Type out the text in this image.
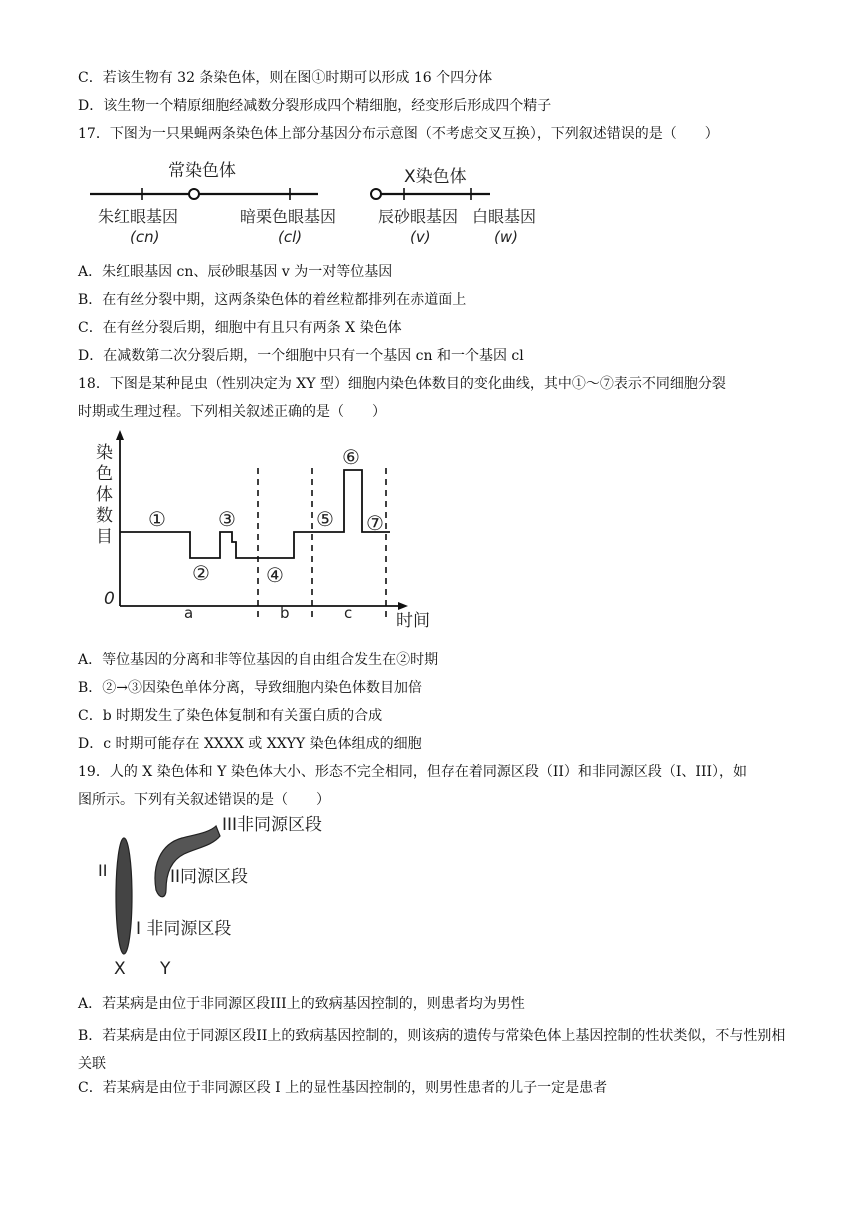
C．若该生物有 32 条染色体，则在图①时期可以形成 16 个四分体
D．该生物一个精原细胞经减数分裂形成四个精细胞，经变形后形成四个精子
17．下图为一只果蝇两条染色体上部分基因分布示意图（不考虑交叉互换），下列叙述错误的是（　　）
常染色体	X染色体
朱红眼基因
(cn)
暗栗色眼基因
(cl)
辰砂眼基因
(v)
白眼基因
(w)
A．朱红眼基因 cn、辰砂眼基因 v 为一对等位基因
B．在有丝分裂中期，这两条染色体的着丝粒都排列在赤道面上
C．在有丝分裂后期，细胞中有且只有两条 X 染色体
D．在减数第二次分裂后期，一个细胞中只有一个基因 cn 和一个基因 cl
18．下图是某种昆虫（性别决定为 XY 型）细胞内染色体数目的变化曲线，其中①～⑦表示不同细胞分裂
时期或生理过程。下列相关叙述正确的是（　　）
染
色
体
数
目
0
a	b	c	时间
①
②
③
④
⑤
⑥
⑦
A．等位基因的分离和非等位基因的自由组合发生在②时期
B．②→③因染色单体分离，导致细胞内染色体数目加倍
C．b 时期发生了染色体复制和有关蛋白质的合成
D．c 时期可能存在 XXXX 或 XXYY 染色体组成的细胞
19．人的 X 染色体和 Y 染色体大小、形态不完全相同，但存在着同源区段（II）和非同源区段（I、III），如
图所示。下列有关叙述错误的是（　　）
III非同源区段
II	II同源区段
I 非同源区段
X Y
A．若某病是由位于非同源区段III上的致病基因控制的，则患者均为男性
B．若某病是由位于同源区段II上的致病基因控制的，则该病的遗传与常染色体上基因控制的性状类似，不与性别相关联
C．若某病是由位于非同源区段 I 上的显性基因控制的，则男性患者的儿子一定是患者
